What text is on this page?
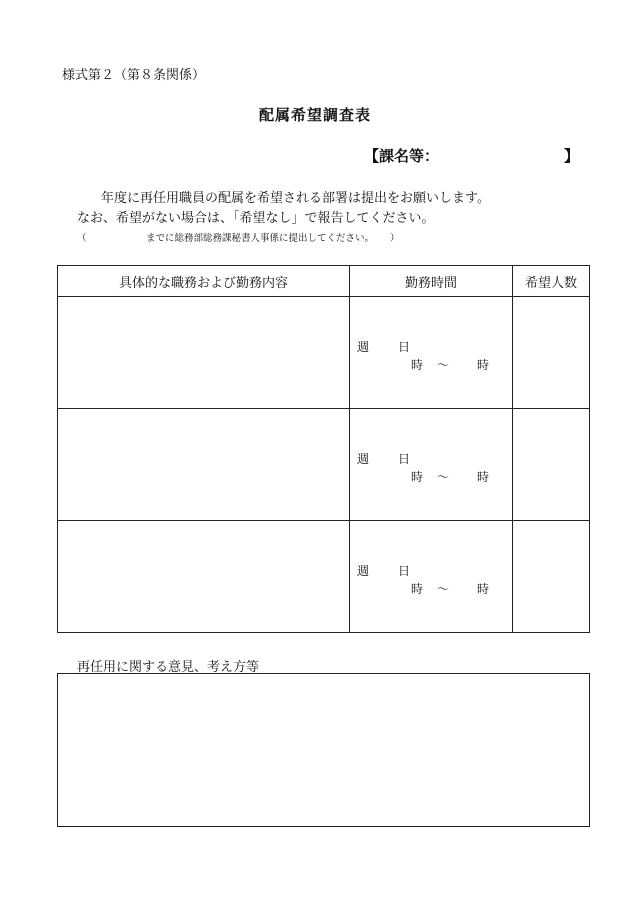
様式第２（第８条関係）
配属希望調査表
【課名等：	】
年度に再任用職員の配属を希望される部署は提出をお願いします。
なお、希望がない場合は、「希望なし」で報告してください。
（	までに総務部総務課秘書人事係に提出してください。 ）
具体的な職務および勤務内容	勤務時間	希望人数

	週 日
時 ～ 時	

	週 日
時 ～ 時	

	週 日
時 ～ 時	

再任用に関する意見、考え方等
